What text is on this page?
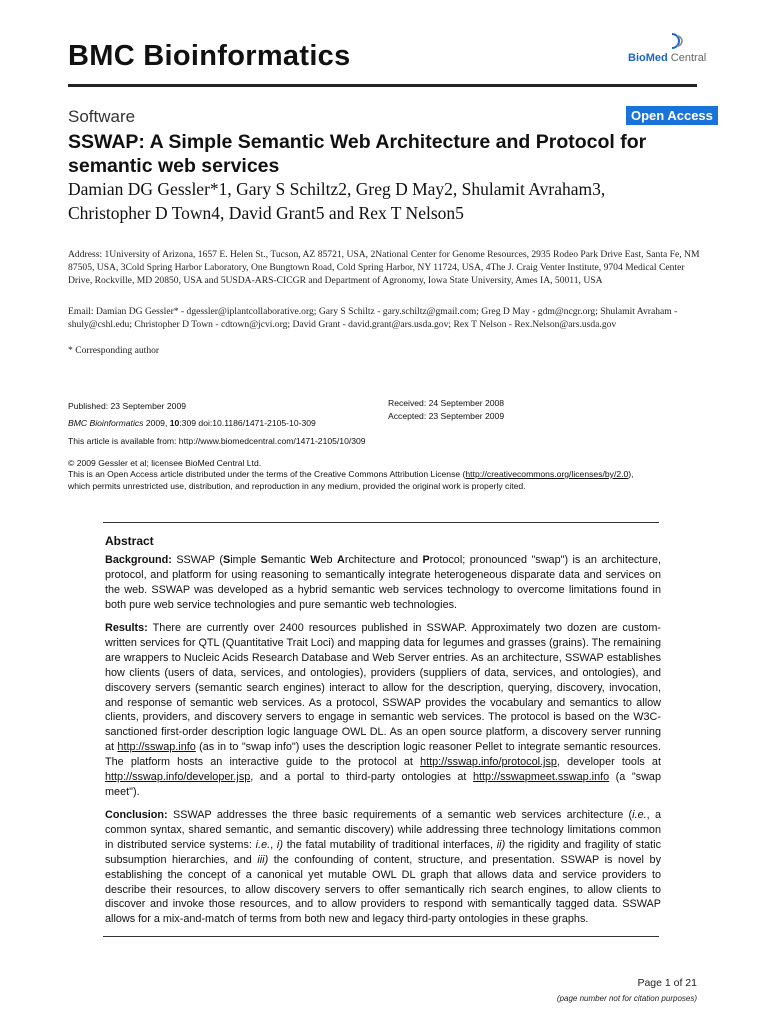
BMC Bioinformatics	BioMed Central
Software	Open Access
SSWAP: A Simple Semantic Web Architecture and Protocol for semantic web services
Damian DG Gessler*1, Gary S Schiltz2, Greg D May2, Shulamit Avraham3,
Christopher D Town4, David Grant5 and Rex T Nelson5
Address: 1University of Arizona, 1657 E. Helen St., Tucson, AZ 85721, USA, 2National Center for Genome Resources, 2935 Rodeo Park Drive East, Santa Fe, NM 87505, USA, 3Cold Spring Harbor Laboratory, One Bungtown Road, Cold Spring Harbor, NY 11724, USA, 4The J. Craig Venter Institute, 9704 Medical Center Drive, Rockville, MD 20850, USA and 5USDA-ARS-CICGR and Department of Agronomy, Iowa State University, Ames IA, 50011, USA
Email: Damian DG Gessler* - dgessler@iplantcollaborative.org; Gary S Schiltz - gary.schiltz@gmail.com; Greg D May - gdm@ncgr.org; Shulamit Avraham - shuly@cshl.edu; Christopher D Town - cdtown@jcvi.org; David Grant - david.grant@ars.usda.gov; Rex T Nelson - Rex.Nelson@ars.usda.gov
* Corresponding author
Published: 23 September 2009
BMC Bioinformatics 2009, 10:309 doi:10.1186/1471-2105-10-309
Received: 24 September 2008
Accepted: 23 September 2009
This article is available from: http://www.biomedcentral.com/1471-2105/10/309
© 2009 Gessler et al; licensee BioMed Central Ltd.
This is an Open Access article distributed under the terms of the Creative Commons Attribution License (http://creativecommons.org/licenses/by/2.0),
which permits unrestricted use, distribution, and reproduction in any medium, provided the original work is properly cited.
Abstract
Background: SSWAP (Simple Semantic Web Architecture and Protocol; pronounced "swap") is an architecture, protocol, and platform for using reasoning to semantically integrate heterogeneous disparate data and services on the web. SSWAP was developed as a hybrid semantic web services technology to overcome limitations found in both pure web service technologies and pure semantic web technologies.
Results: There are currently over 2400 resources published in SSWAP. Approximately two dozen are custom-written services for QTL (Quantitative Trait Loci) and mapping data for legumes and grasses (grains). The remaining are wrappers to Nucleic Acids Research Database and Web Server entries. As an architecture, SSWAP establishes how clients (users of data, services, and ontologies), providers (suppliers of data, services, and ontologies), and discovery servers (semantic search engines) interact to allow for the description, querying, discovery, invocation, and response of semantic web services. As a protocol, SSWAP provides the vocabulary and semantics to allow clients, providers, and discovery servers to engage in semantic web services. The protocol is based on the W3C-sanctioned first-order description logic language OWL DL. As an open source platform, a discovery server running at http://sswap.info (as in to "swap info") uses the description logic reasoner Pellet to integrate semantic resources. The platform hosts an interactive guide to the protocol at http://sswap.info/protocol.jsp, developer tools at http://sswap.info/developer.jsp, and a portal to third-party ontologies at http://sswapmeet.sswap.info (a "swap meet").
Conclusion: SSWAP addresses the three basic requirements of a semantic web services architecture (i.e., a common syntax, shared semantic, and semantic discovery) while addressing three technology limitations common in distributed service systems: i.e., i) the fatal mutability of traditional interfaces, ii) the rigidity and fragility of static subsumption hierarchies, and iii) the confounding of content, structure, and presentation. SSWAP is novel by establishing the concept of a canonical yet mutable OWL DL graph that allows data and service providers to describe their resources, to allow discovery servers to offer semantically rich search engines, to allow clients to discover and invoke those resources, and to allow providers to respond with semantically tagged data. SSWAP allows for a mix-and-match of terms from both new and legacy third-party ontologies in these graphs.
Page 1 of 21
(page number not for citation purposes)
